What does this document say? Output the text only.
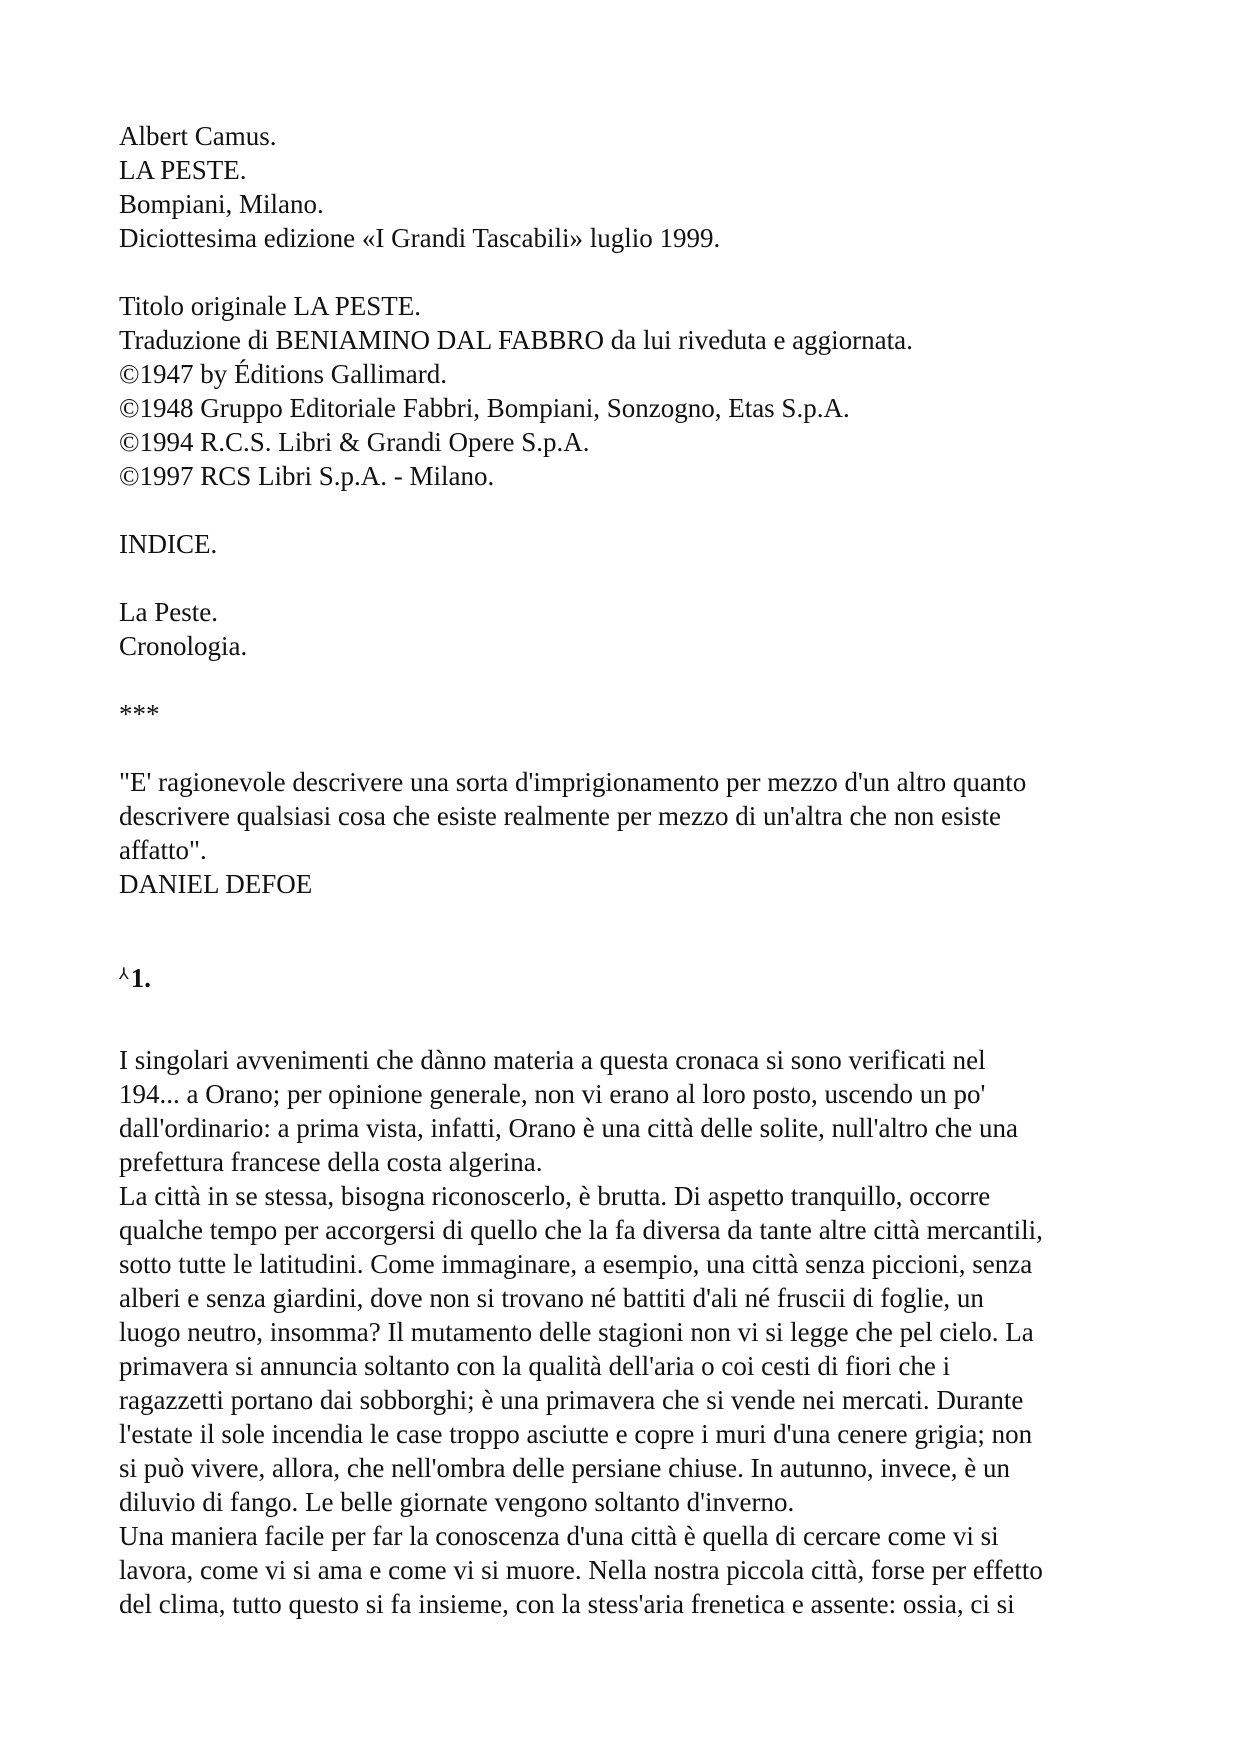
Albert Camus.
LA PESTE.
Bompiani, Milano.
Diciottesima edizione «I Grandi Tascabili» luglio 1999.
Titolo originale LA PESTE.
Traduzione di BENIAMINO DAL FABBRO da lui riveduta e aggiornata.
©1947 by Éditions Gallimard.
©1948 Gruppo Editoriale Fabbri, Bompiani, Sonzogno, Etas S.p.A.
©1994 R.C.S. Libri & Grandi Opere S.p.A.
©1997 RCS Libri S.p.A. - Milano.
INDICE.
La Peste.
Cronologia.
***
"E' ragionevole descrivere una sorta d'imprigionamento per mezzo d'un altro quanto
descrivere qualsiasi cosa che esiste realmente per mezzo di un'altra che non esiste
affatto".
DANIEL DEFOE
⅄ 1.
I singolari avvenimenti che dànno materia a questa cronaca si sono verificati nel
194... a Orano; per opinione generale, non vi erano al loro posto, uscendo un po'
dall'ordinario: a prima vista, infatti, Orano è una città delle solite, null'altro che una
prefettura francese della costa algerina.
La città in se stessa, bisogna riconoscerlo, è brutta. Di aspetto tranquillo, occorre
qualche tempo per accorgersi di quello che la fa diversa da tante altre città mercantili,
sotto tutte le latitudini. Come immaginare, a esempio, una città senza piccioni, senza
alberi e senza giardini, dove non si trovano né battiti d'ali né fruscii di foglie, un
luogo neutro, insomma? Il mutamento delle stagioni non vi si legge che pel cielo. La
primavera si annuncia soltanto con la qualità dell'aria o coi cesti di fiori che i
ragazzetti portano dai sobborghi; è una primavera che si vende nei mercati. Durante
l'estate il sole incendia le case troppo asciutte e copre i muri d'una cenere grigia; non
si può vivere, allora, che nell'ombra delle persiane chiuse. In autunno, invece, è un
diluvio di fango. Le belle giornate vengono soltanto d'inverno.
Una maniera facile per far la conoscenza d'una città è quella di cercare come vi si
lavora, come vi si ama e come vi si muore. Nella nostra piccola città, forse per effetto
del clima, tutto questo si fa insieme, con la stess'aria frenetica e assente: ossia, ci si
